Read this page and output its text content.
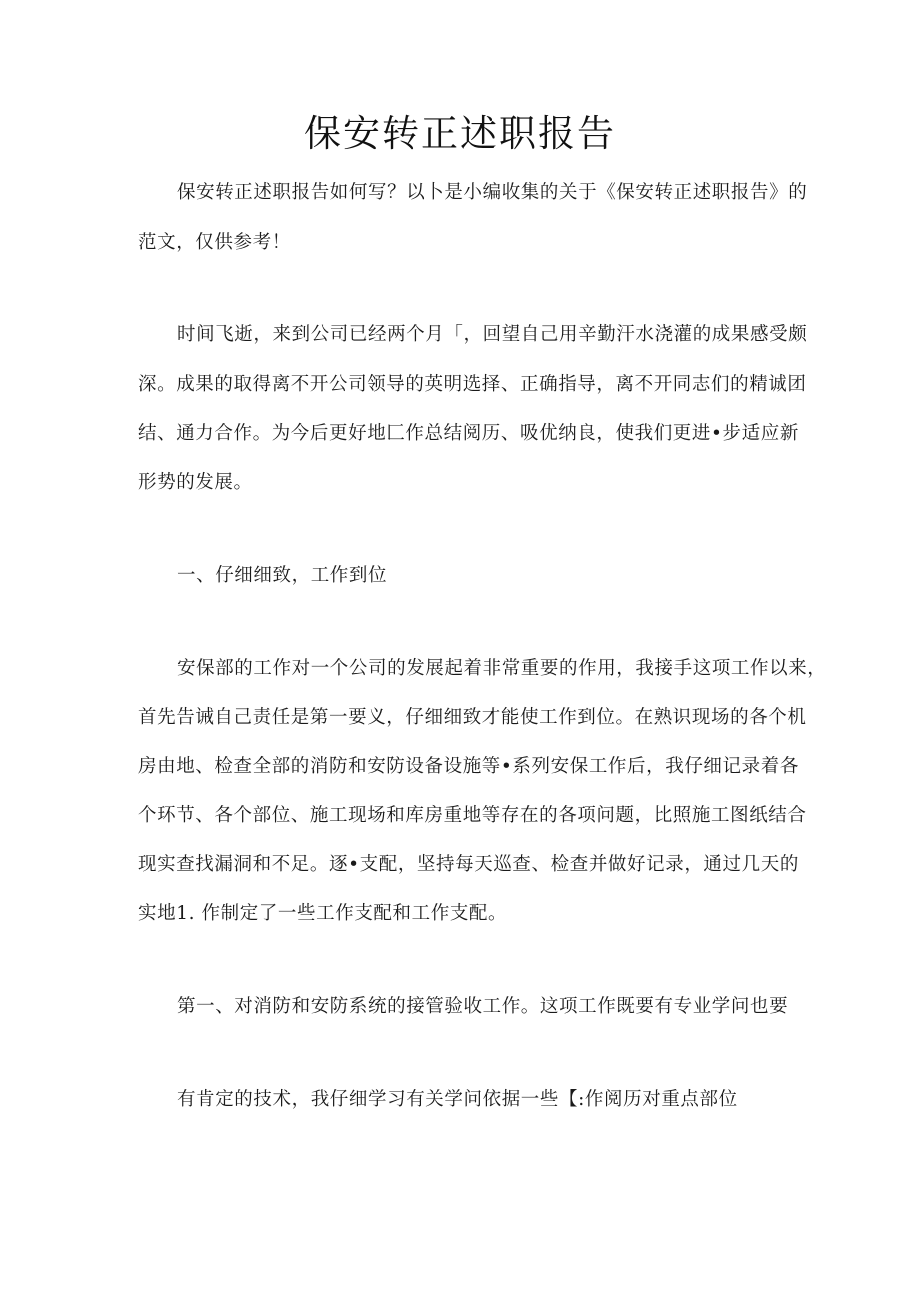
保安转正述职报告
保安转正述职报告如何写？以卜是小编收集的关于《保安转正述职报告》的
范文，仅供参考！
时间飞逝，来到公司已经两个月「，回望自己用辛勤汗水浇灌的成果感受颇
深。成果的取得离不开公司领导的英明选择、正确指导，离不开同志们的精诚团
结、通力合作。为今后更好地匚作总结阅历、吸优纳良，使我们更进•步适应新
形势的发展。
一、仔细细致，工作到位
安保部的工作对一个公司的发展起着非常重要的作用，我接手这项工作以来，
首先告诫自己责任是第一要义，仔细细致才能使工作到位。在熟识现场的各个机
房由地、检查全部的消防和安防设备设施等•系列安保工作后，我仔细记录着各
个环节、各个部位、施工现场和库房重地等存在的各项问题，比照施工图纸结合
现实查找漏洞和不足。逐•支配，坚持每天巡查、检查并做好记录，通过几天的
实地1. 作制定了一些工作支配和工作支配。
第一、对消防和安防系统的接管验收工作。这项工作既要有专业学问也要
有肯定的技术，我仔细学习有关学问依据一些【:作阅历对重点部位
